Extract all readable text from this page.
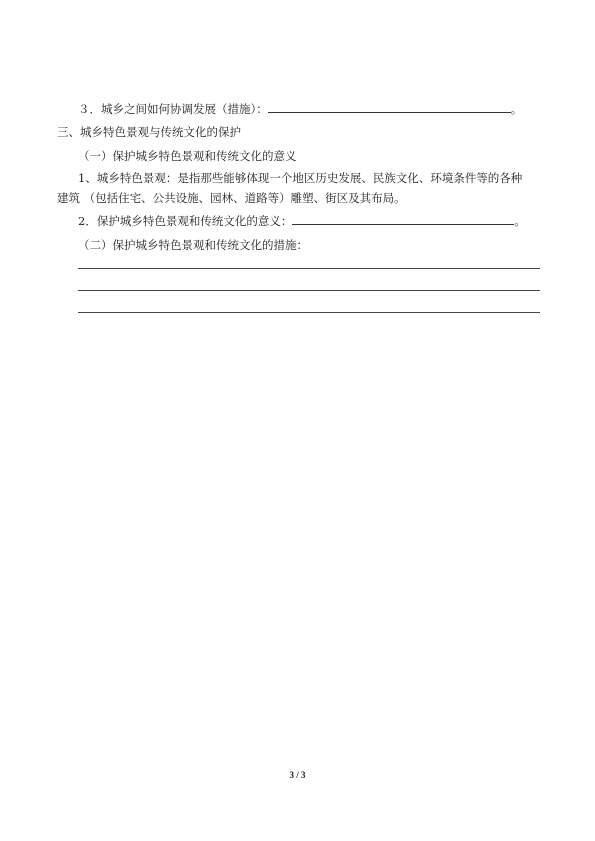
３．城乡之间如何协调发展（措施）：	。
三、城乡特色景观与传统文化的保护
（一）保护城乡特色景观和传统文化的意义
1、城乡特色景观：是指那些能够体现一个地区历史发展、民族文化、环境条件等的各种
建筑 （包括住宅、公共设施、园林、道路等）雕塑、街区及其布局。
2．保护城乡特色景观和传统文化的意义：	。
（二）保护城乡特色景观和传统文化的措施：
3 / 3
